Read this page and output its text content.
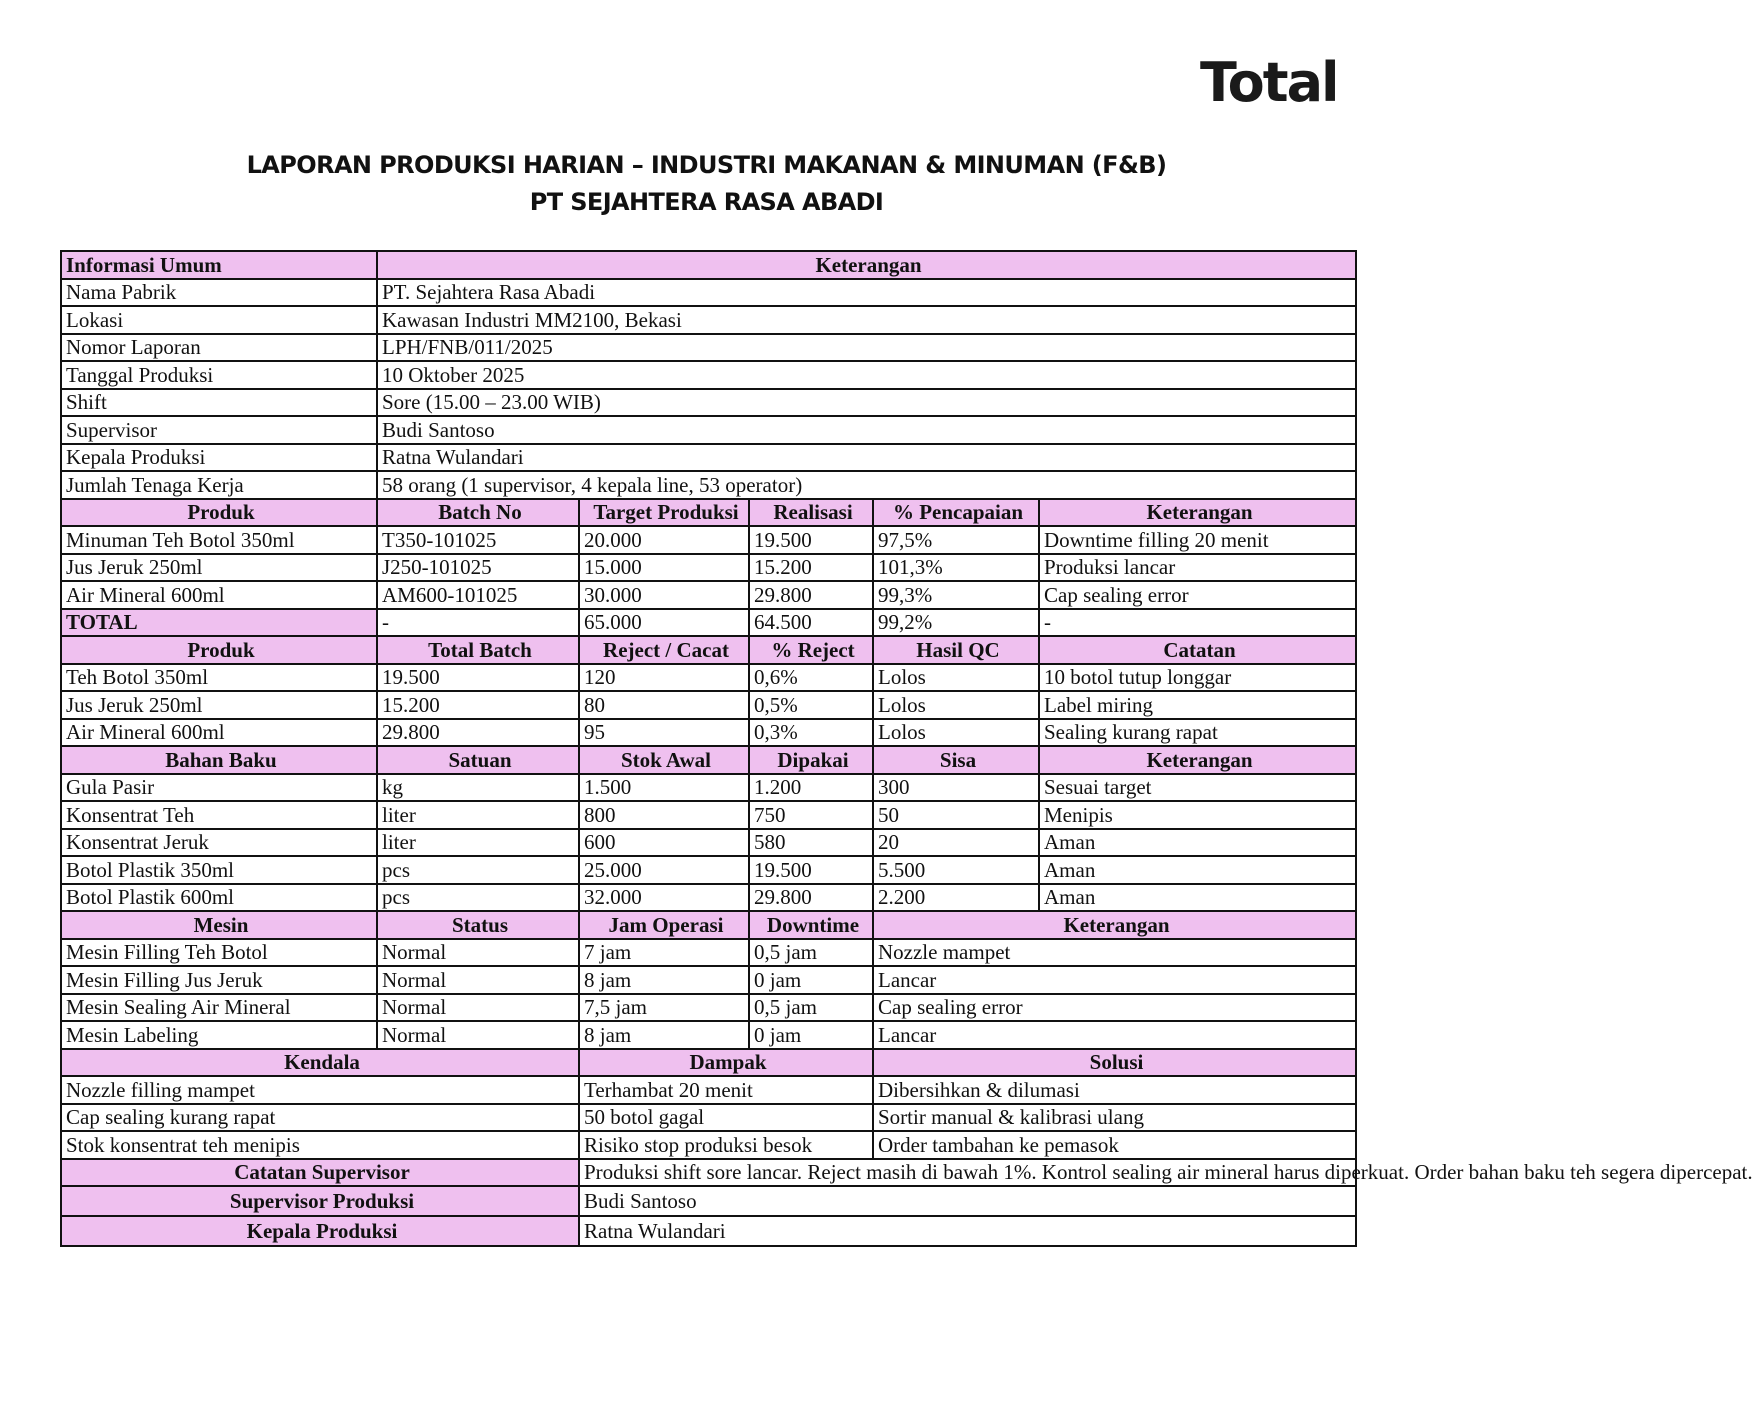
Total
LAPORAN PRODUKSI HARIAN – INDUSTRI MAKANAN & MINUMAN (F&B)
PT SEJAHTERA RASA ABADI
Informasi Umum	Keterangan				
Nama Pabrik	PT. Sejahtera Rasa Abadi				
Lokasi	Kawasan Industri MM2100, Bekasi				
Nomor Laporan	LPH/FNB/011/2025				
Tanggal Produksi	10 Oktober 2025				
Shift	Sore (15.00 – 23.00 WIB)				
Supervisor	Budi Santoso				
Kepala Produksi	Ratna Wulandari				
Jumlah Tenaga Kerja	58 orang (1 supervisor, 4 kepala line, 53 operator)				
Produk	Batch No	Target Produksi	Realisasi	% Pencapaian	Keterangan
Minuman Teh Botol 350ml	T350-101025	20.000	19.500	97,5%	Downtime filling 20 menit
Jus Jeruk 250ml	J250-101025	15.000	15.200	101,3%	Produksi lancar
Air Mineral 600ml	AM600-101025	30.000	29.800	99,3%	Cap sealing error
TOTAL	-	65.000	64.500	99,2%	-
Produk	Total Batch	Reject / Cacat	% Reject	Hasil QC	Catatan
Teh Botol 350ml	19.500	120	0,6%	Lolos	10 botol tutup longgar
Jus Jeruk 250ml	15.200	80	0,5%	Lolos	Label miring
Air Mineral 600ml	29.800	95	0,3%	Lolos	Sealing kurang rapat
Bahan Baku	Satuan	Stok Awal	Dipakai	Sisa	Keterangan
Gula Pasir	kg	1.500	1.200	300	Sesuai target
Konsentrat Teh	liter	800	750	50	Menipis
Konsentrat Jeruk	liter	600	580	20	Aman
Botol Plastik 350ml	pcs	25.000	19.500	5.500	Aman
Botol Plastik 600ml	pcs	32.000	29.800	2.200	Aman
Mesin	Status	Jam Operasi	Downtime	Keterangan	
Mesin Filling Teh Botol	Normal	7 jam	0,5 jam	Nozzle mampet	
Mesin Filling Jus Jeruk	Normal	8 jam	0 jam	Lancar	
Mesin Sealing Air Mineral	Normal	7,5 jam	0,5 jam	Cap sealing error	
Mesin Labeling	Normal	8 jam	0 jam	Lancar	
Kendala		Dampak		Solusi	
Nozzle filling mampet		Terhambat 20 menit		Dibersihkan & dilumasi	
Cap sealing kurang rapat		50 botol gagal		Sortir manual & kalibrasi ulang	
Stok konsentrat teh menipis		Risiko stop produksi besok		Order tambahan ke pemasok	
Catatan Supervisor		Produksi shift sore lancar. Reject masih di bawah 1%. Kontrol sealing air mineral harus diperkuat. Order bahan baku teh segera dipercepat.			
Supervisor Produksi		Budi Santoso			
Kepala Produksi		Ratna Wulandari			
